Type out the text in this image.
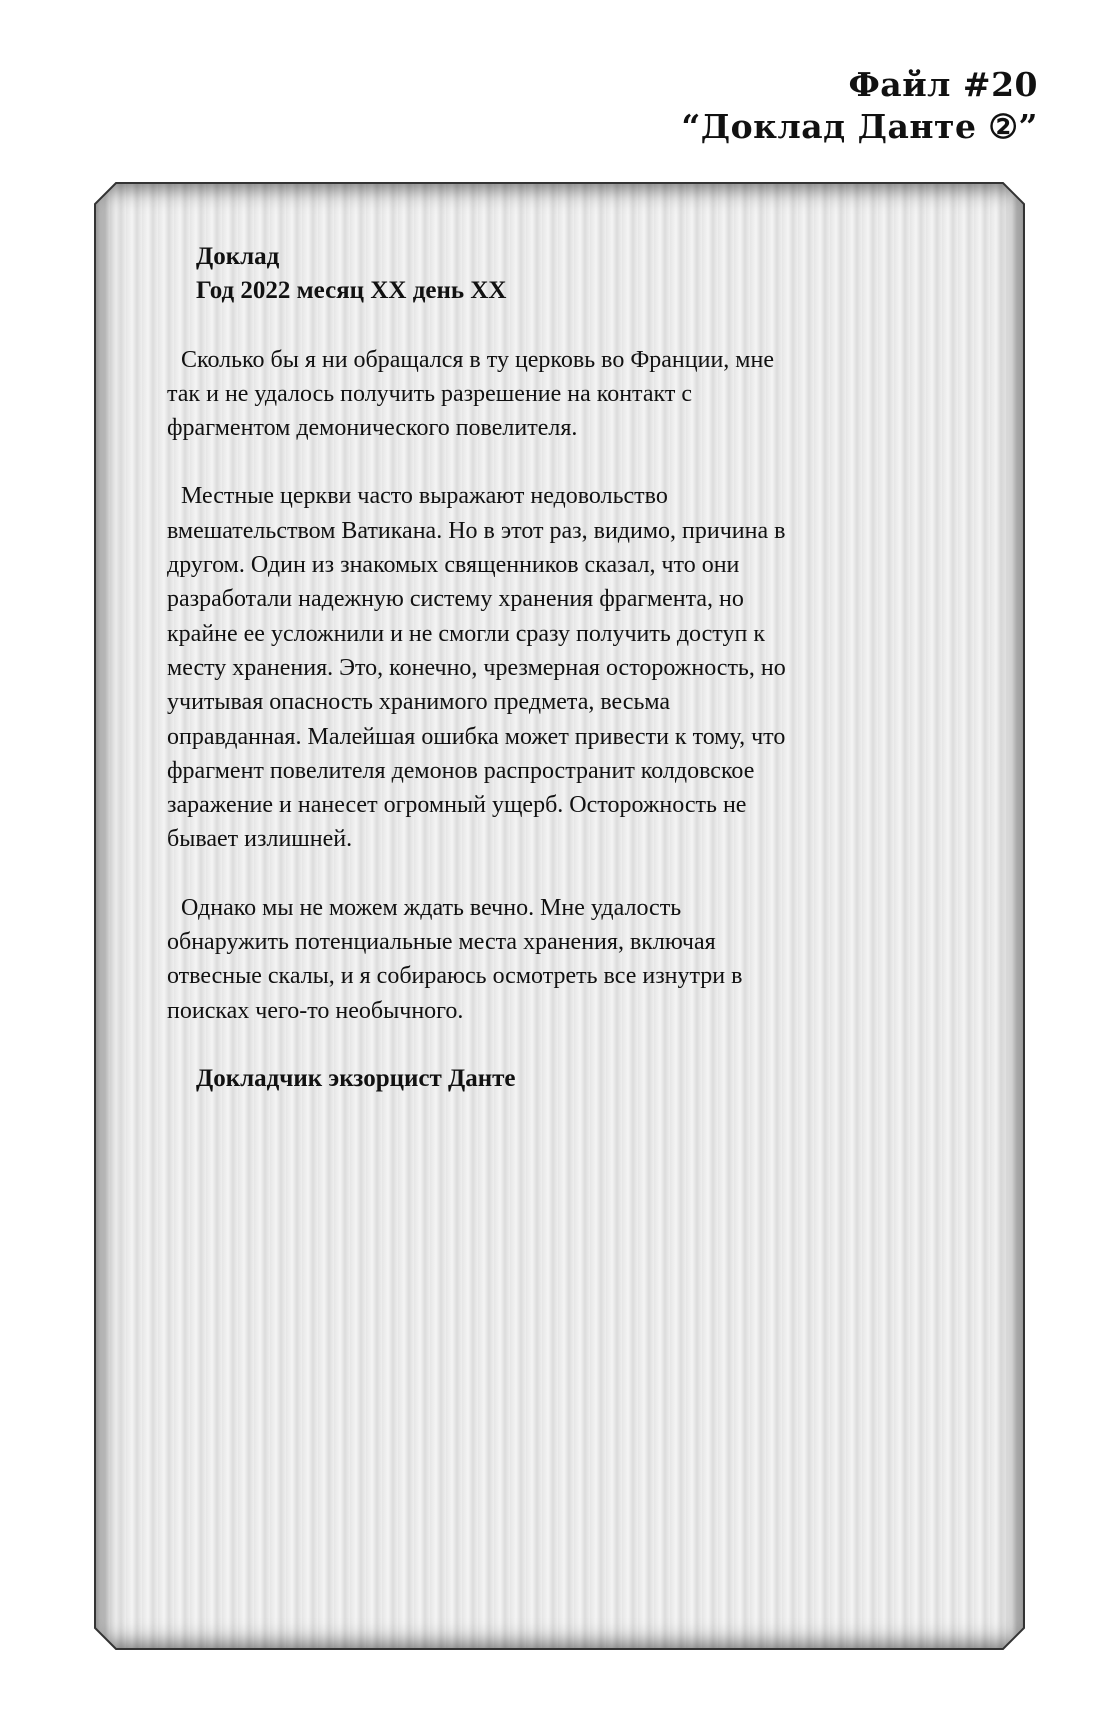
Файл #20
“Доклад Данте ②”
Доклад
Год 2022 месяц XX день XX
Сколько бы я ни обращался в ту церковь во Франции, мне
так и не удалось получить разрешение на контакт с
фрагментом демонического повелителя.
Местные церкви часто выражают недовольство
вмешательством Ватикана. Но в этот раз, видимо, причина в
другом. Один из знакомых священников сказал, что они
разработали надежную систему хранения фрагмента, но
крайне ее усложнили и не смогли сразу получить доступ к
месту хранения. Это, конечно, чрезмерная осторожность, но
учитывая опасность хранимого предмета, весьма
оправданная. Малейшая ошибка может привести к тому, что
фрагмент повелителя демонов распространит колдовское
заражение и нанесет огромный ущерб. Осторожность не
бывает излишней.
Однако мы не можем ждать вечно. Мне удалость
обнаружить потенциальные места хранения, включая
отвесные скалы, и я собираюсь осмотреть все изнутри в
поисках чего-то необычного.
Докладчик экзорцист Данте
